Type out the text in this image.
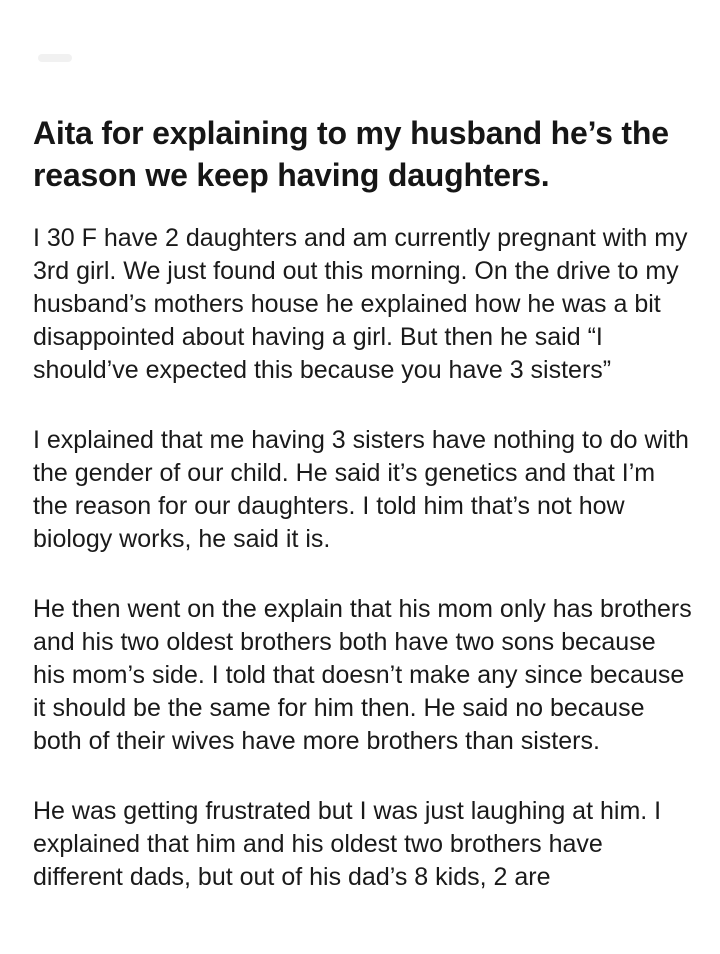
Aita for explaining to my husband he’s the reason we keep having daughters.

I 30 F have 2 daughters and am currently pregnant with my 3rd girl. We just found out this morning. On the drive to my husband’s mothers house he explained how he was a bit disappointed about having a girl. But then he said “I should’ve expected this because you have 3 sisters”

I explained that me having 3 sisters have nothing to do with the gender of our child. He said it’s genetics and that I’m the reason for our daughters. I told him that’s not how biology works, he said it is.

He then went on the explain that his mom only has brothers and his two oldest brothers both have two sons because his mom’s side. I told that doesn’t make any since because it should be the same for him then. He said no because both of their wives have more brothers than sisters.

He was getting frustrated but I was just laughing at him. I explained that him and his oldest two brothers have different dads, but out of his dad’s 8 kids, 2 are
